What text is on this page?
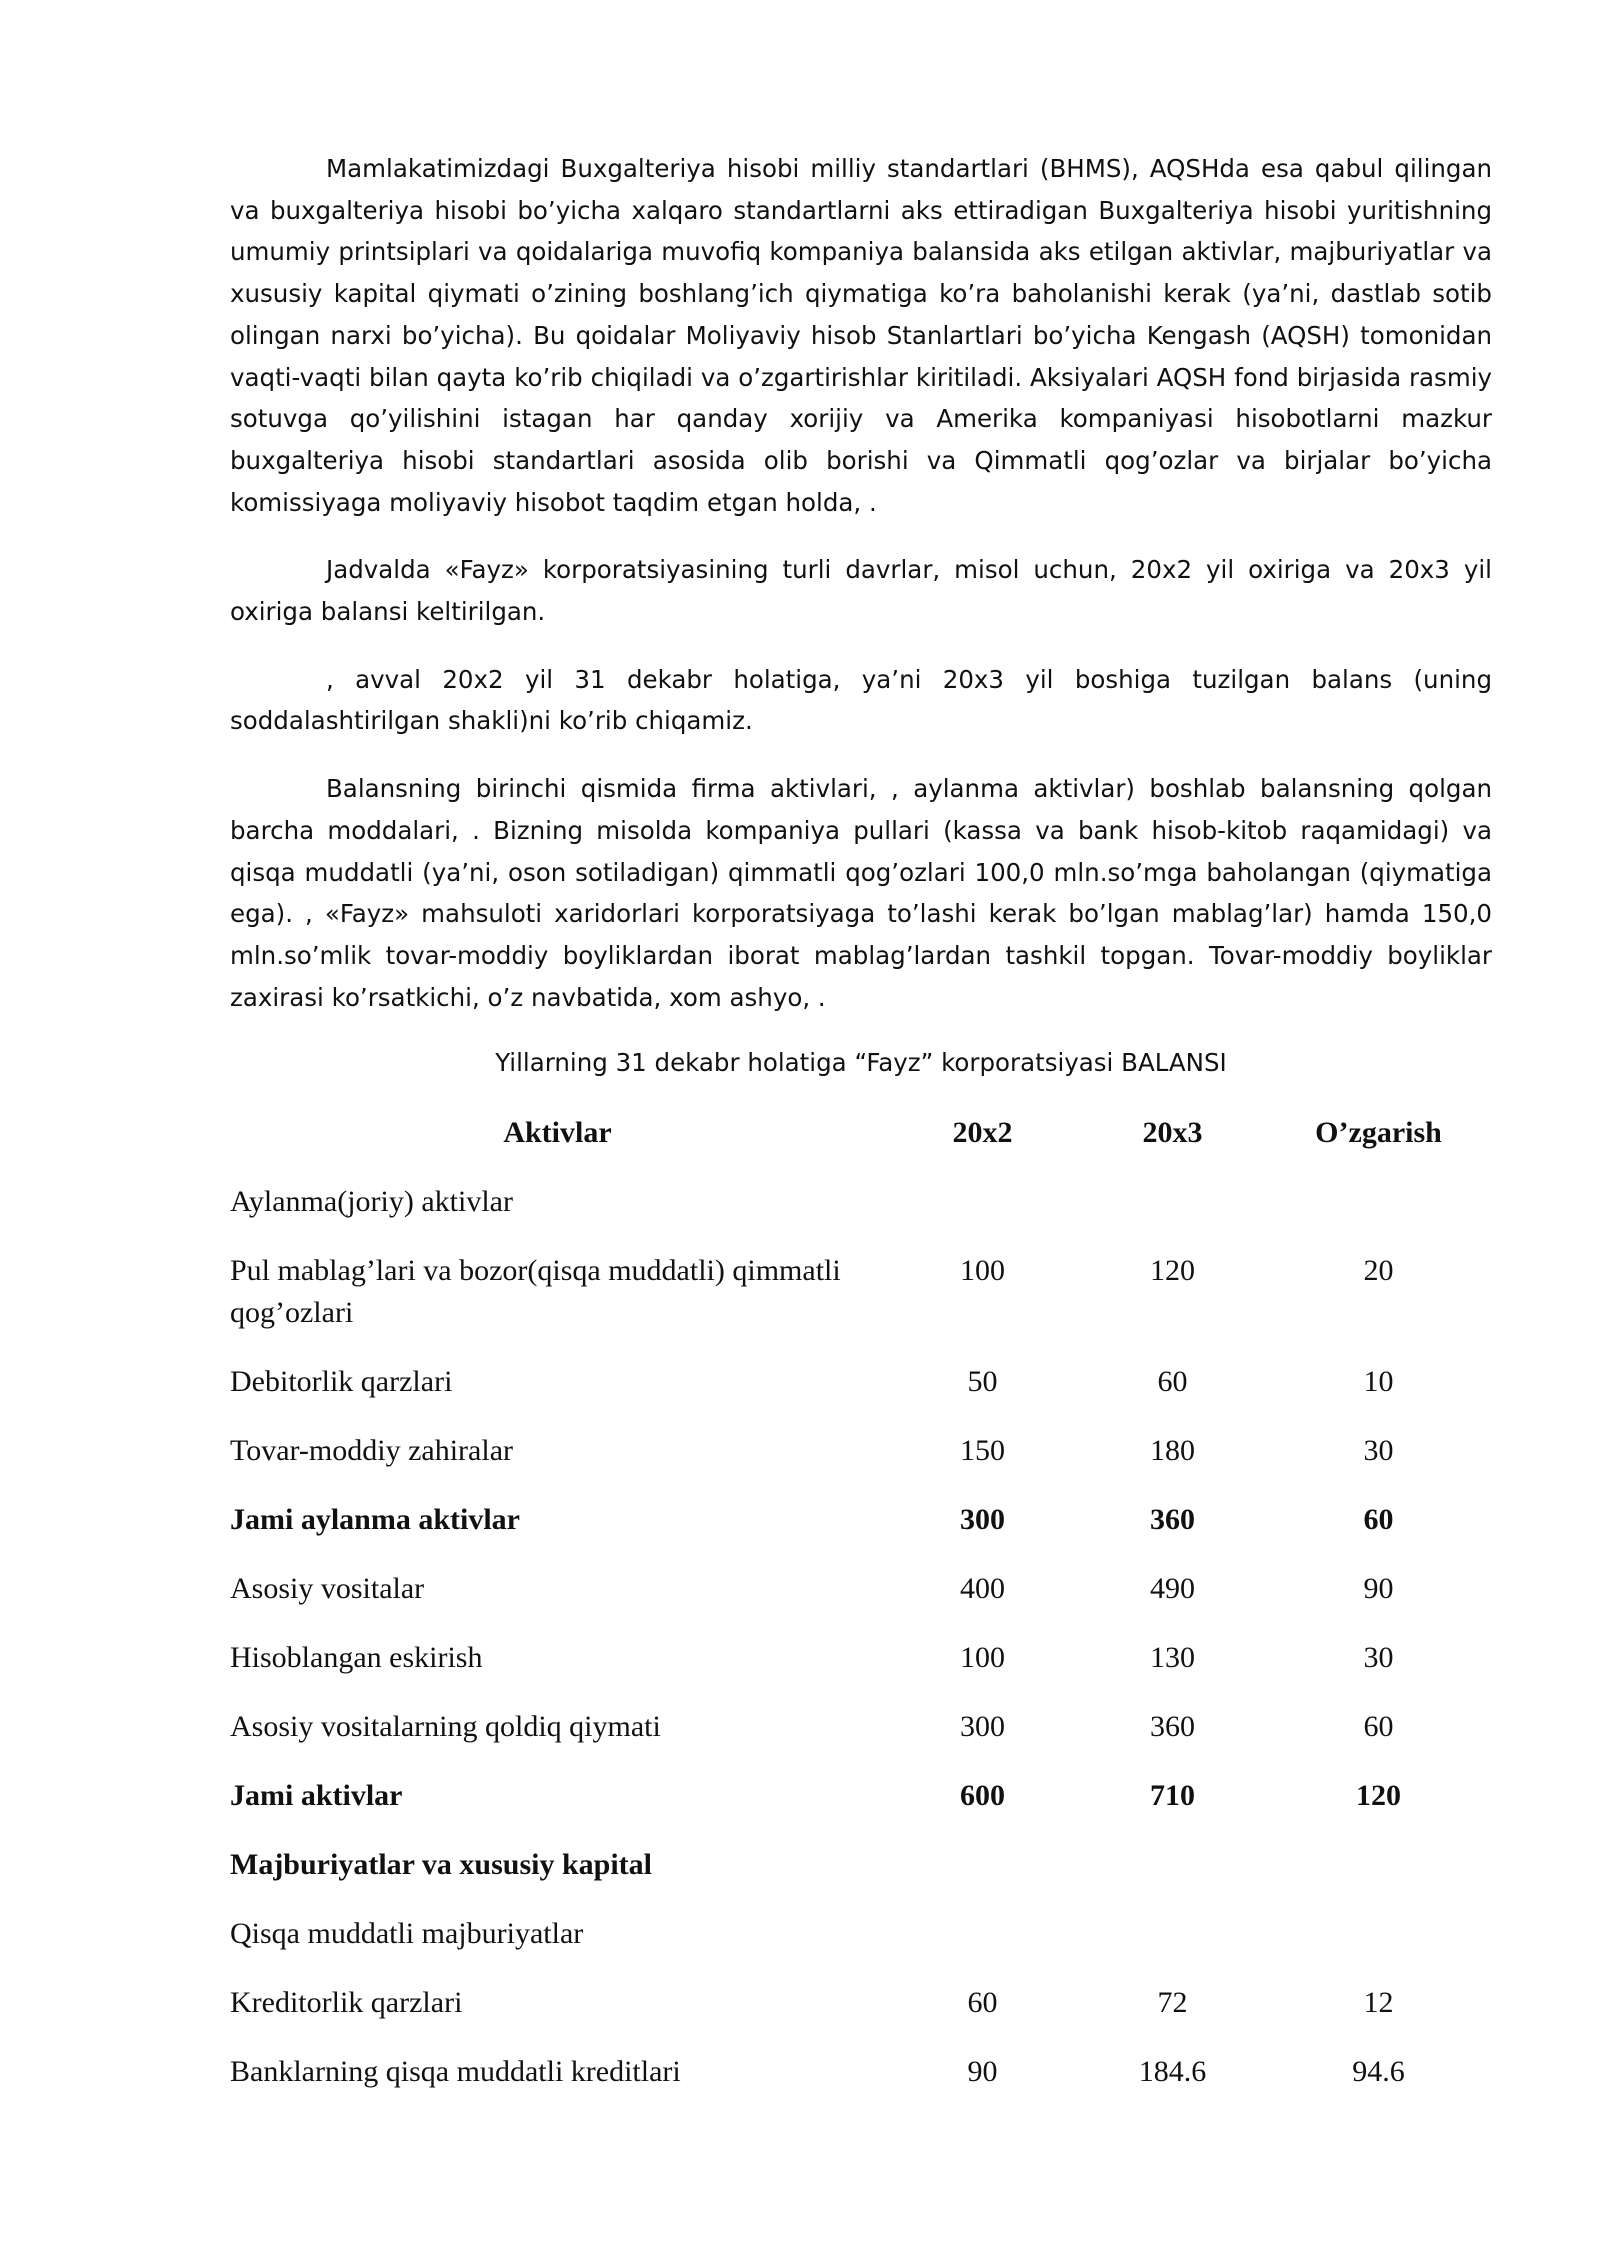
Mamlakatimizdagi Buxgalteriya hisobi milliy standartlari (BHMS), AQSHda esa qabul qilingan va buxgalteriya hisobi bo’yicha xalqaro standartlarni aks ettiradigan Buxgalteriya hisobi yuritishning umumiy printsiplari va qoidalariga muvofiq kompaniya balansida aks etilgan aktivlar, majburiyatlar va xususiy kapital qiymati o’zining boshlang’ich qiymatiga ko’ra baholanishi kerak (ya’ni, dastlab sotib olingan narxi bo’yicha). Bu qoidalar Moliyaviy hisob Stanlartlari bo’yicha Kengash (AQSH) tomonidan vaqti-vaqti bilan qayta ko’rib chiqiladi va o’zgartirishlar kiritiladi. Aksiyalari AQSH fond birjasida rasmiy sotuvga qo’yilishini istagan har qanday xorijiy va Amerika kompaniyasi hisobotlarni mazkur buxgalteriya hisobi standartlari asosida olib borishi va Qimmatli qog’ozlar va birjalar bo’yicha komissiyaga moliyaviy hisobot taqdim etgan holda, .

Jadvalda «Fayz» korporatsiyasining turli davrlar, misol uchun, 20x2 yil oxiriga va 20x3 yil oxiriga balansi keltirilgan.

, avval 20x2 yil 31 dekabr holatiga, ya’ni 20x3 yil boshiga tuzilgan balans (uning soddalashtirilgan shakli)ni ko’rib chiqamiz.

Balansning birinchi qismida firma aktivlari, , aylanma aktivlar) boshlab balansning qolgan barcha moddalari, . Bizning misolda kompaniya pullari (kassa va bank hisob-kitob raqamidagi) va qisqa muddatli (ya’ni, oson sotiladigan) qimmatli qog’ozlari 100,0 mln.so’mga baholangan (qiymatiga ega). , «Fayz» mahsuloti xaridorlari korporatsiyaga to’lashi kerak bo’lgan mablag’lar) hamda 150,0 mln.so’mlik tovar-moddiy boyliklardan iborat mablag’lardan tashkil topgan. Tovar-moddiy boyliklar zaxirasi ko’rsatkichi, o’z navbatida, xom ashyo, .

Yillarning 31 dekabr holatiga “Fayz” korporatsiyasi BALANSI
Aktivlar	20x2	20x3	O’zgarish
Aylanma(joriy) aktivlar			
Pul mablag’lari va bozor(qisqa muddatli) qimmatli qog’ozlari	100	120	20
Debitorlik qarzlari	50	60	10
Tovar-moddiy zahiralar	150	180	30
Jami aylanma aktivlar	300	360	60
Asosiy vositalar	400	490	90
Hisoblangan eskirish	100	130	30
Asosiy vositalarning qoldiq qiymati	300	360	60
Jami aktivlar	600	710	120
Majburiyatlar va xususiy kapital			
Qisqa muddatli majburiyatlar			
Kreditorlik qarzlari	60	72	12
Banklarning qisqa muddatli kreditlari	90	184.6	94.6
